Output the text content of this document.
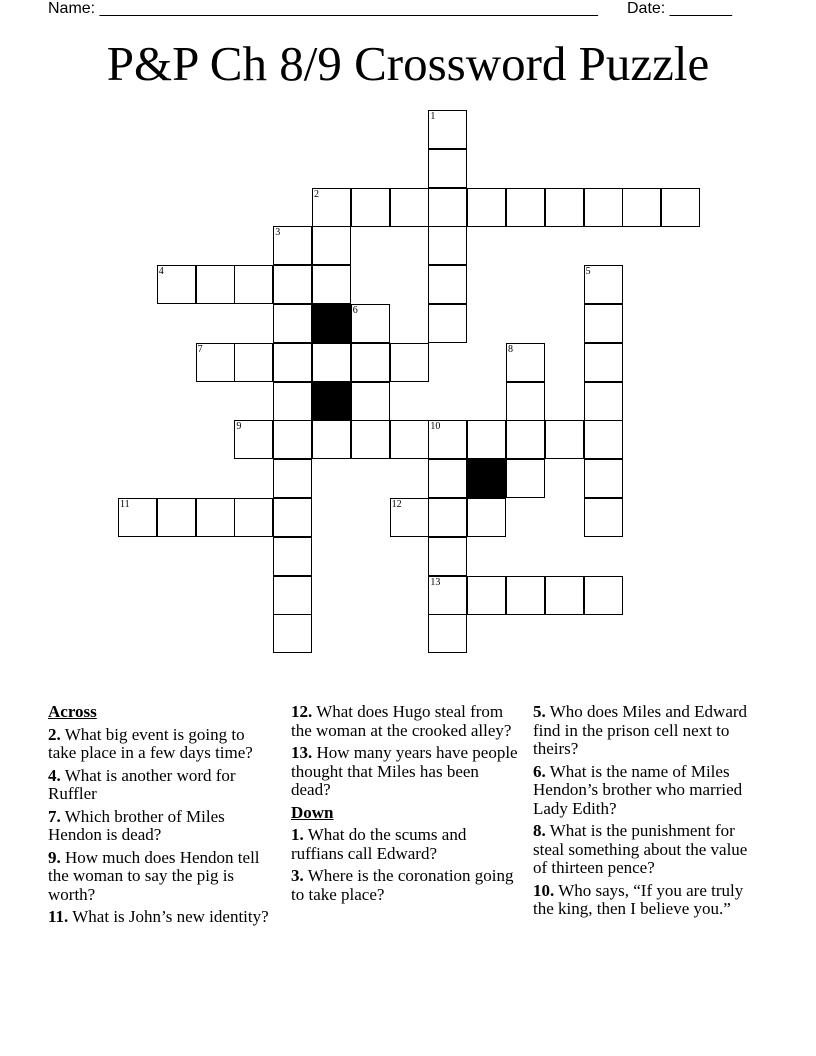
Name: ________________________________________________________ Date: _______
P&P Ch 8/9 Crossword Puzzle
1
2
3
4	5
6
7	8
9	10
11	12
13
Across
2. What big event is going to take place in a few days time?
4. What is another word for Ruffler
7. Which brother of Miles Hendon is dead?
9. How much does Hendon tell the woman to say the pig is worth?
11. What is John’s new identity?
12. What does Hugo steal from the woman at the crooked alley?
13. How many years have people thought that Miles has been dead?
Down
1. What do the scums and ruffians call Edward?
3. Where is the coronation going to take place?
5. Who does Miles and Edward find in the prison cell next to theirs?
6. What is the name of Miles Hendon’s brother who married Lady Edith?
8. What is the punishment for steal something about the value of thirteen pence?
10. Who says, “If you are truly the king, then I believe you.”
